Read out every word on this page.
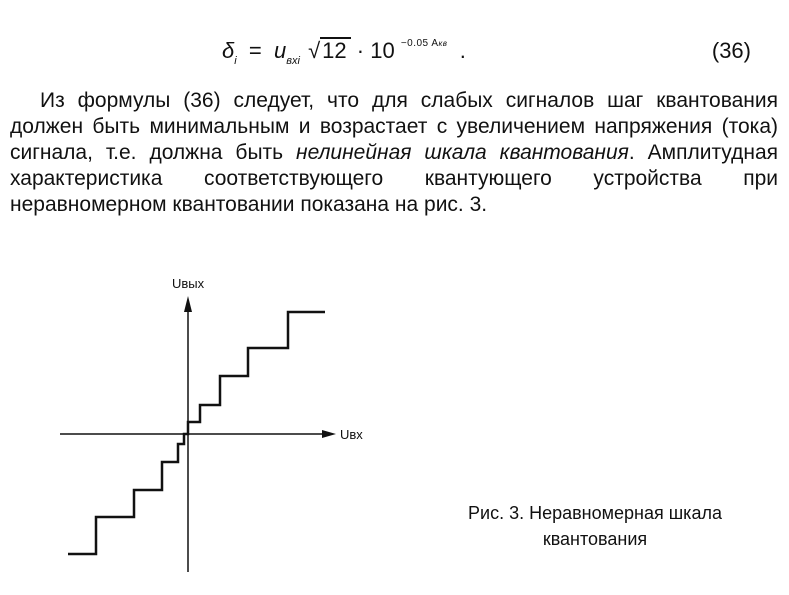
$\delta_i = u_{вхi}$ √12 · 10 $^{-0.05 Aкв}$ .	(36)

Из формулы (36) следует, что для слабых сигналов шаг квантования должен быть минимальным и возрастает с увеличением напряжения (тока) сигнала, т.е. должна быть нелинейная шкала квантования. Амплитудная характеристика соответствующего квантующего устройства при неравномерном квантовании показана на рис. 3.

Uвых
Uвх
Рис. 3. Неравномерная шкала
квантования
